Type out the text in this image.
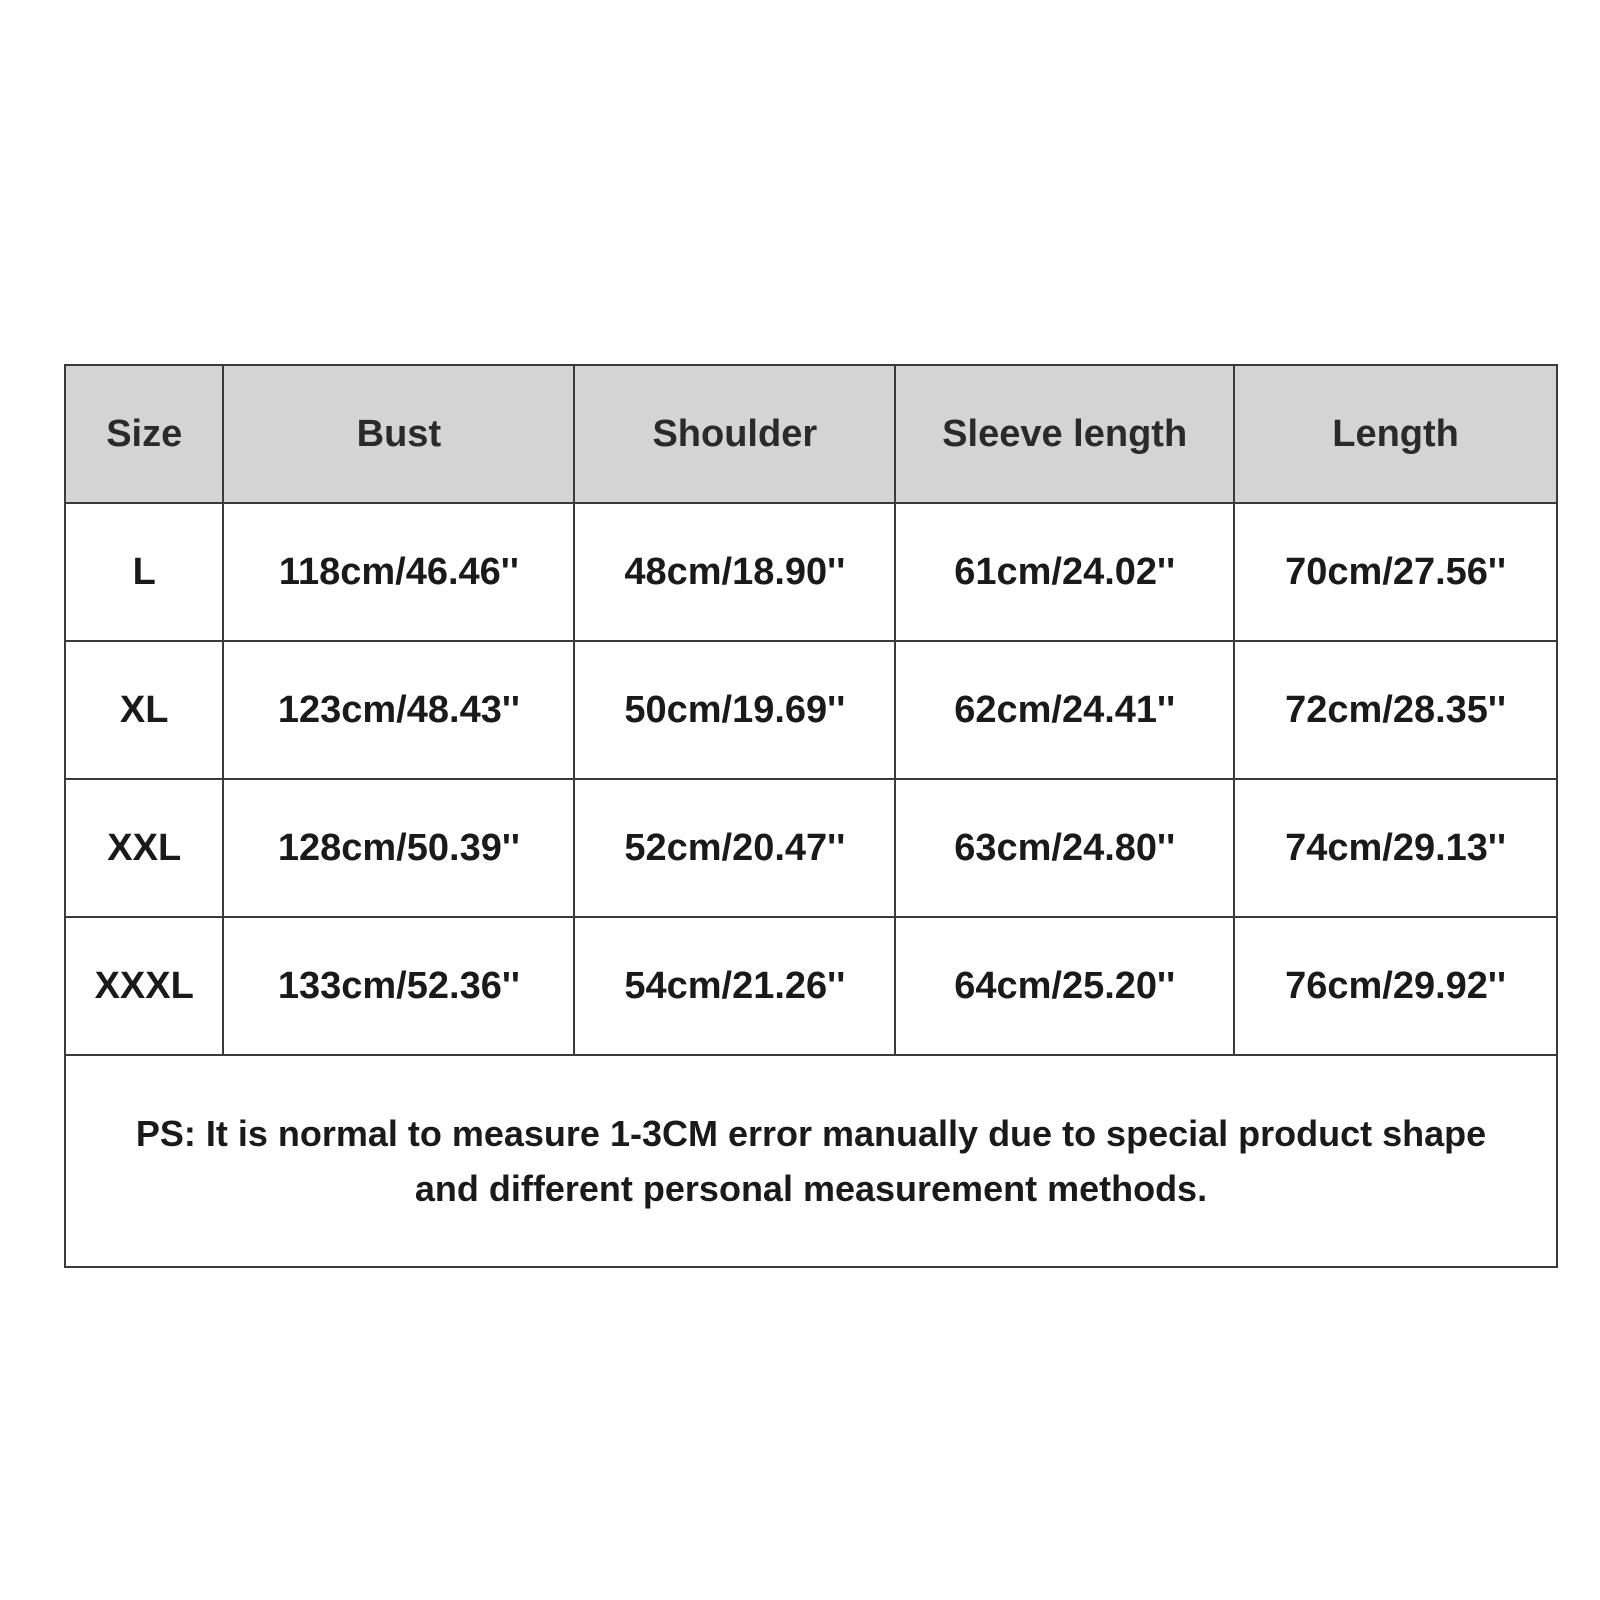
Size	Bust	Shoulder	Sleeve length	Length
L	118cm/46.46''	48cm/18.90''	61cm/24.02''	70cm/27.56''
XL	123cm/48.43''	50cm/19.69''	62cm/24.41''	72cm/28.35''
XXL	128cm/50.39''	52cm/20.47''	63cm/24.80''	74cm/29.13''
XXXL	133cm/52.36''	54cm/21.26''	64cm/25.20''	76cm/29.92''

PS: It is normal to measure 1-3CM error manually due to special product shape
and different personal measurement methods.				
